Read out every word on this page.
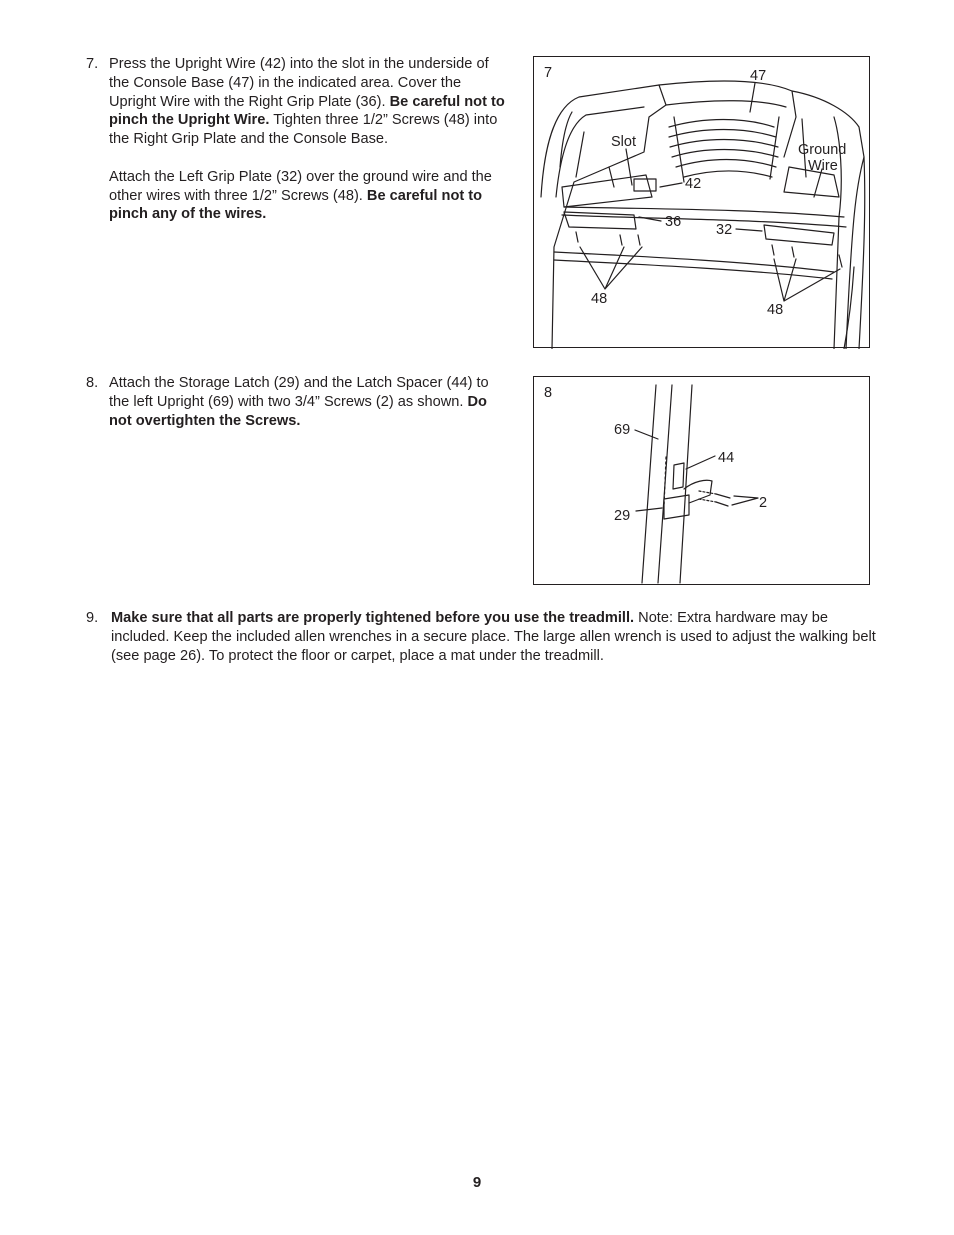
7. Press the Upright Wire (42) into the slot in the underside of the Console Base (47) in the indicated area. Cover the Upright Wire with the Right Grip Plate (36). Be careful not to pinch the Upright Wire. Tighten three 1/2” Screws (48) into the Right Grip Plate and the Console Base.

Attach the Left Grip Plate (32) over the ground wire and the other wires with three 1/2” Screws (48). Be careful not to pinch any of the wires.

7	47
Slot	Ground
Wire
42
36 32
48
48
8. Attach the Storage Latch (29) and the Latch Spacer (44) to the left Upright (69) with two 3/4” Screws (2) as shown. Do not overtighten the Screws.

8
69
44
2
29
9. Make sure that all parts are properly tightened before you use the treadmill. Note: Extra hardware may be included. Keep the included allen wrenches in a secure place. The large allen wrench is used to adjust the walking belt (see page 26). To protect the floor or carpet, place a mat under the treadmill.

9
